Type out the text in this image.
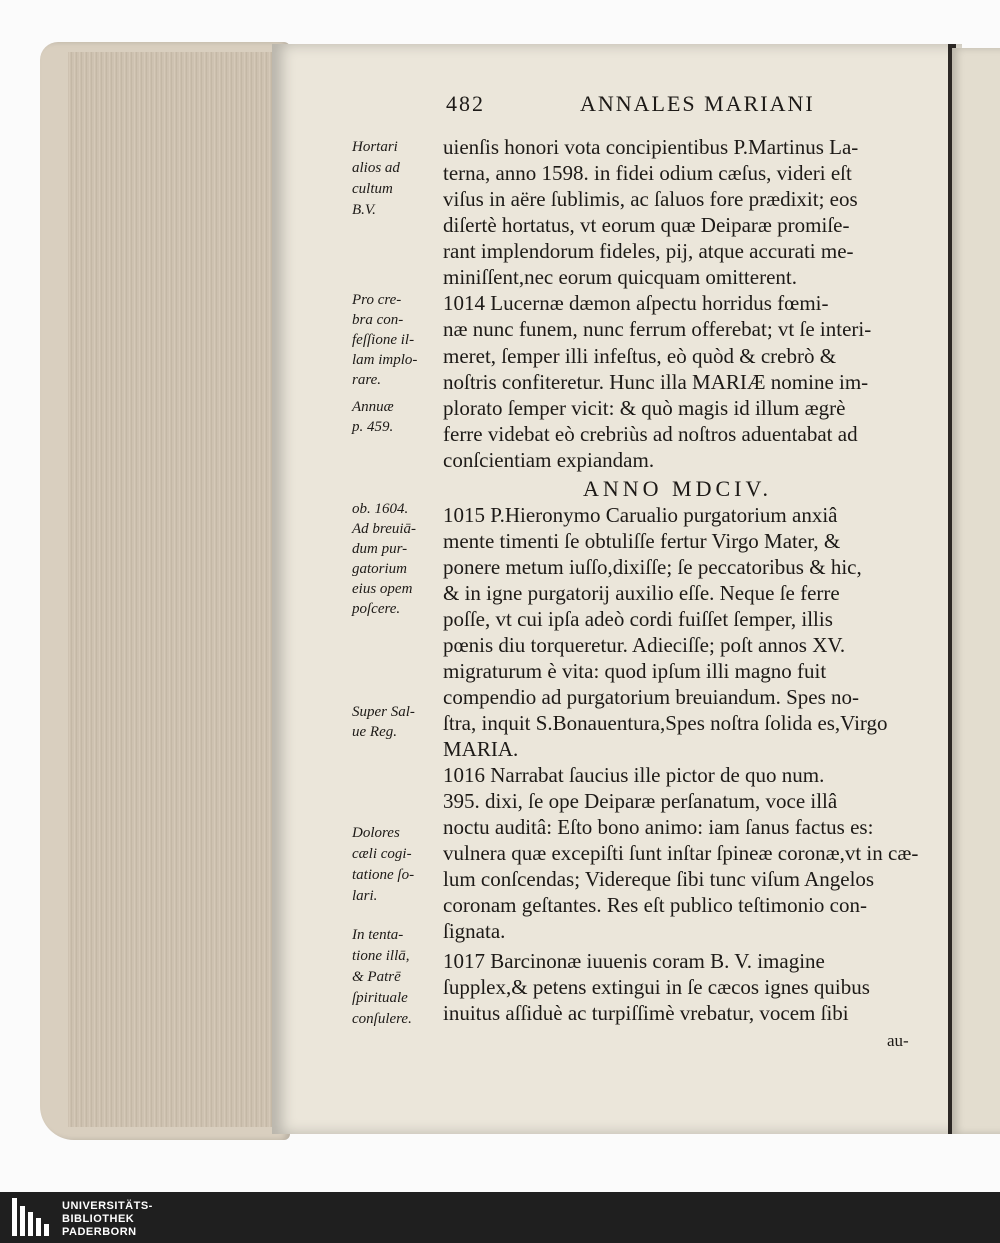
482	ANNALES MARIANI
uienſis honori vota concipientibus P.Martinus La-
terna, anno 1598. in fidei odium cæſus, videri eſt
viſus in aëre ſublimis, ac ſaluos fore prædixit; eos
diſertè hortatus, vt eorum quæ Deiparæ promiſe-
rant implendorum fideles, pij, atque accurati me-
miniſſent,nec eorum quicquam omitterent.
1014 Lucernæ dæmon aſpectu horridus fœmi-
næ nunc funem, nunc ferrum offerebat; vt ſe interi-
meret, ſemper illi infeſtus, eò quòd & crebrò &
noſtris confiteretur. Hunc illa MARIÆ nomine im-
plorato ſemper vicit: & quò magis id illum ægrè
ferre videbat eò crebriùs ad noſtros aduentabat ad
conſcientiam expiandam.
ANNO MDCIV.
1015 P.Hieronymo Carualio purgatorium anxiâ
mente timenti ſe obtuliſſe fertur Virgo Mater, &
ponere metum iuſſo,dixiſſe; ſe peccatoribus & hic,
& in igne purgatorij auxilio eſſe. Neque ſe ferre
poſſe, vt cui ipſa adeò cordi fuiſſet ſemper, illis
pœnis diu torqueretur. Adieciſſe; poſt annos XV.
migraturum è vita: quod ipſum illi magno fuit
compendio ad purgatorium breuiandum. Spes no-
ſtra, inquit S.Bonauentura,Spes noſtra ſolida es,Virgo
MARIA.
1016 Narrabat ſaucius ille pictor de quo num.
395. dixi, ſe ope Deiparæ perſanatum, voce illâ
noctu auditâ: Eſto bono animo: iam ſanus factus es:
vulnera quæ excepiſti ſunt inſtar ſpineæ coronæ,vt in cæ-
lum conſcendas; Videreque ſibi tunc viſum Angelos
coronam geſtantes. Res eſt publico teſtimonio con-
ſignata.
1017 Barcinonæ iuuenis coram B. V. imagine
ſupplex,& petens extingui in ſe cæcos ignes quibus
inuitus aſſiduè ac turpiſſimè vrebatur, vocem ſibi
au-
Hortari
alios ad
cultum
B.V.
Pro cre-
bra con-
feſſione il-
lam implo-
rare.
Annuæ
p. 459.
ob. 1604.
Ad breuiā-
dum pur-
gatorium
eius opem
poſcere.
Super Sal-
ue Reg.
Dolores
cæli cogi-
tatione ſo-
lari.
In tenta-
tione illā,
& Patrē
ſpirituale
conſulere.
UNIVERSITÄTS-
BIBLIOTHEK
PADERBORN
